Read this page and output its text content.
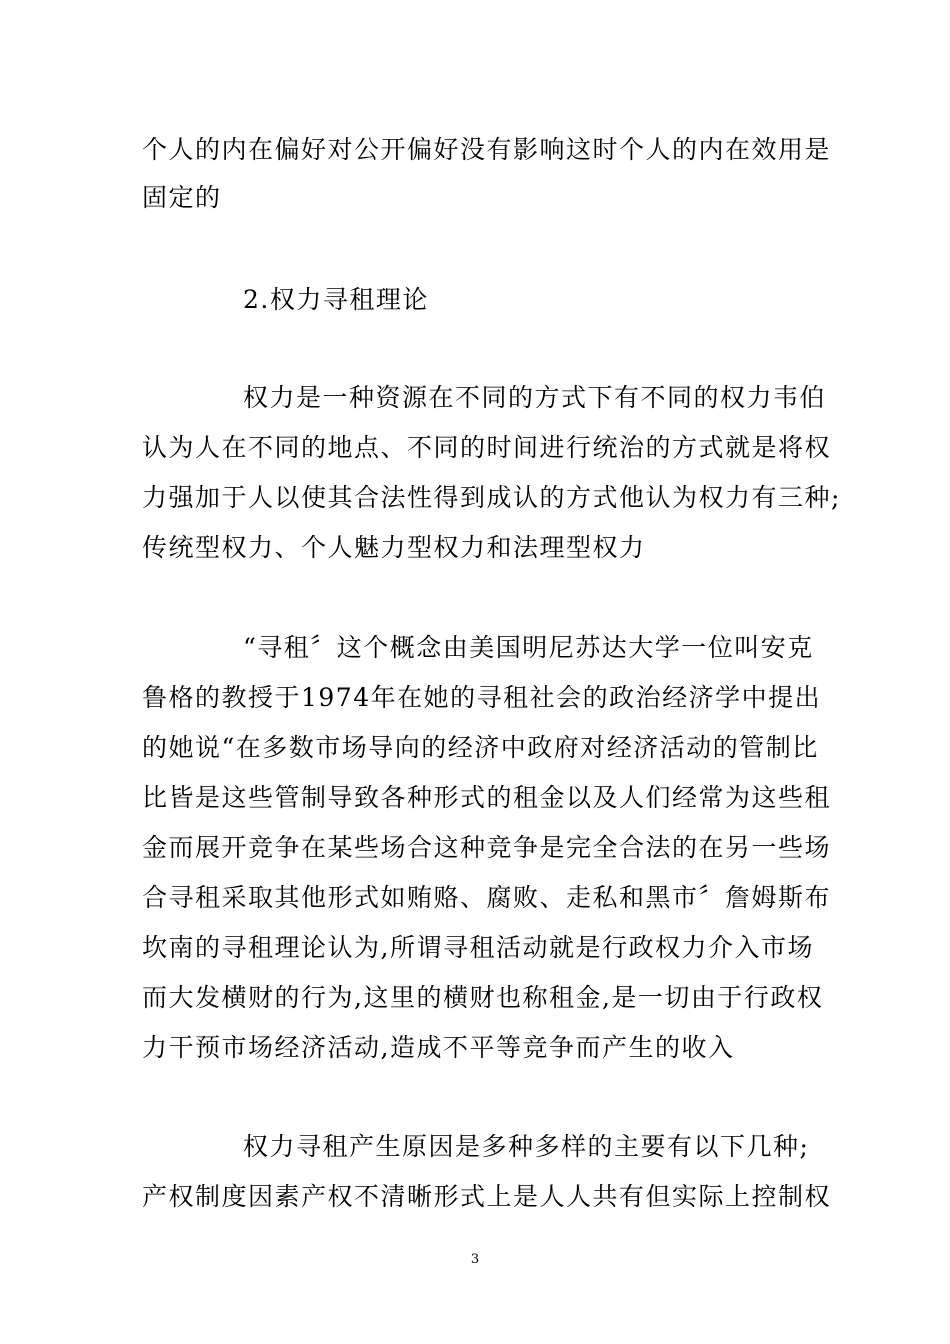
个人的内在偏好对公开偏好没有影响这时个人的内在效用是
固定的
2.权力寻租理论
权力是一种资源在不同的方式下有不同的权力韦伯
认为人在不同的地点、不同的时间进行统治的方式就是将权
力强加于人以使其合法性得到成认的方式他认为权力有三种;
传统型权力、个人魅力型权力和法理型权力
“寻租〞这个概念由美国明尼苏达大学一位叫安克
鲁格的教授于1974年在她的寻租社会的政治经济学中提出
的她说“在多数市场导向的经济中政府对经济活动的管制比
比皆是这些管制导致各种形式的租金以及人们经常为这些租
金而展开竞争在某些场合这种竞争是完全合法的在另一些场
合寻租采取其他形式如贿赂、腐败、走私和黑市〞詹姆斯布
坎南的寻租理论认为,所谓寻租活动就是行政权力介入市场
而大发横财的行为,这里的横财也称租金,是一切由于行政权
力干预市场经济活动,造成不平等竞争而产生的收入
权力寻租产生原因是多种多样的主要有以下几种;
产权制度因素产权不清晰形式上是人人共有但实际上控制权
3
